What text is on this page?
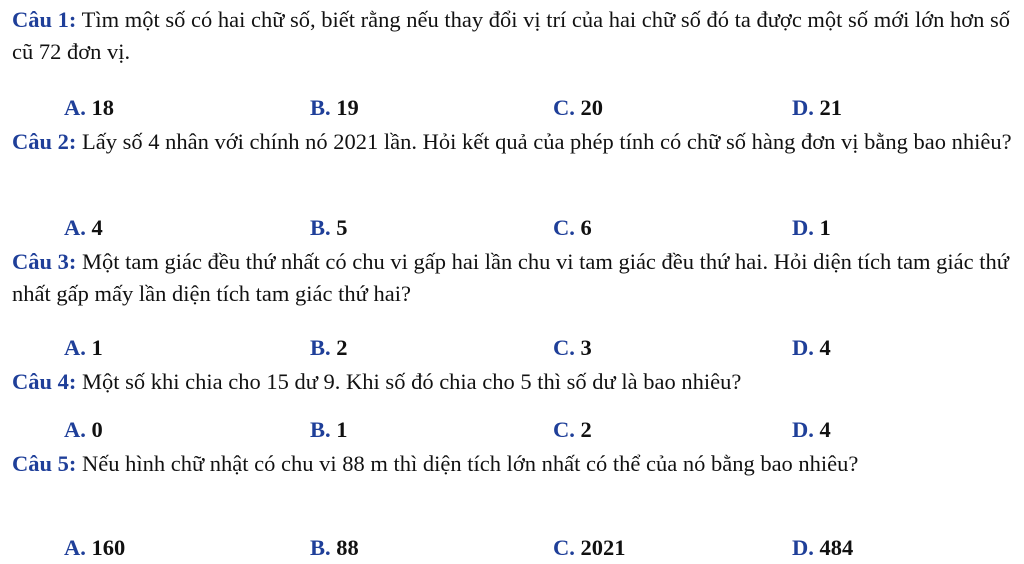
Câu 1: Tìm một số có hai chữ số, biết rằng nếu thay đổi vị trí của hai chữ số đó ta được một số mới lớn hơn số cũ 72 đơn vị.
A. 18	B. 19	C. 20	D. 21
Câu 2: Lấy số 4 nhân với chính nó 2021 lần. Hỏi kết quả của phép tính có chữ số hàng đơn vị bằng bao nhiêu?
A. 4	B. 5	C. 6	D. 1
Câu 3: Một tam giác đều thứ nhất có chu vi gấp hai lần chu vi tam giác đều thứ hai. Hỏi diện tích tam giác thứ nhất gấp mấy lần diện tích tam giác thứ hai?
A. 1	B. 2	C. 3	D. 4
Câu 4: Một số khi chia cho 15 dư 9. Khi số đó chia cho 5 thì số dư là bao nhiêu?
A. 0	B. 1	C. 2	D. 4
Câu 5: Nếu hình chữ nhật có chu vi 88 m thì diện tích lớn nhất có thể của nó bằng bao nhiêu?
A. 160	B. 88	C. 2021	D. 484
